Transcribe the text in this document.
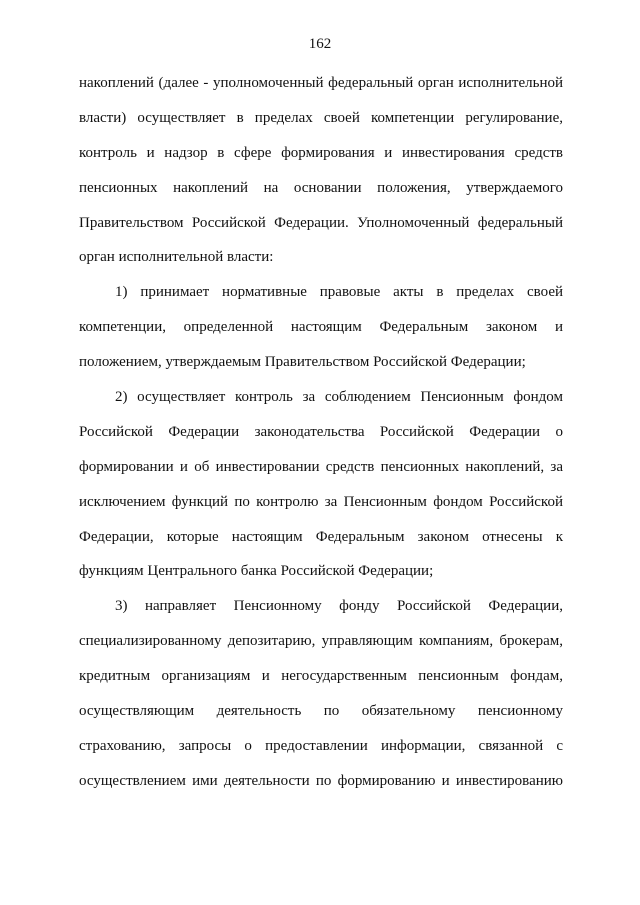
162
накоплений (далее - уполномоченный федеральный орган исполнительной
власти) осуществляет в пределах своей компетенции регулирование,
контроль и надзор в сфере формирования и инвестирования средств
пенсионных накоплений на основании положения, утверждаемого
Правительством Российской Федерации. Уполномоченный федеральный
орган исполнительной власти:
1) принимает нормативные правовые акты в пределах своей
компетенции, определенной настоящим Федеральным законом и
положением, утверждаемым Правительством Российской Федерации;
2) осуществляет контроль за соблюдением Пенсионным фондом
Российской Федерации законодательства Российской Федерации о
формировании и об инвестировании средств пенсионных накоплений, за
исключением функций по контролю за Пенсионным фондом Российской
Федерации, которые настоящим Федеральным законом отнесены к
функциям Центрального банка Российской Федерации;
3) направляет Пенсионному фонду Российской Федерации,
специализированному депозитарию, управляющим компаниям, брокерам,
кредитным организациям и негосударственным пенсионным фондам,
осуществляющим деятельность по обязательному пенсионному
страхованию, запросы о предоставлении информации, связанной с
осуществлением ими деятельности по формированию и инвестированию
